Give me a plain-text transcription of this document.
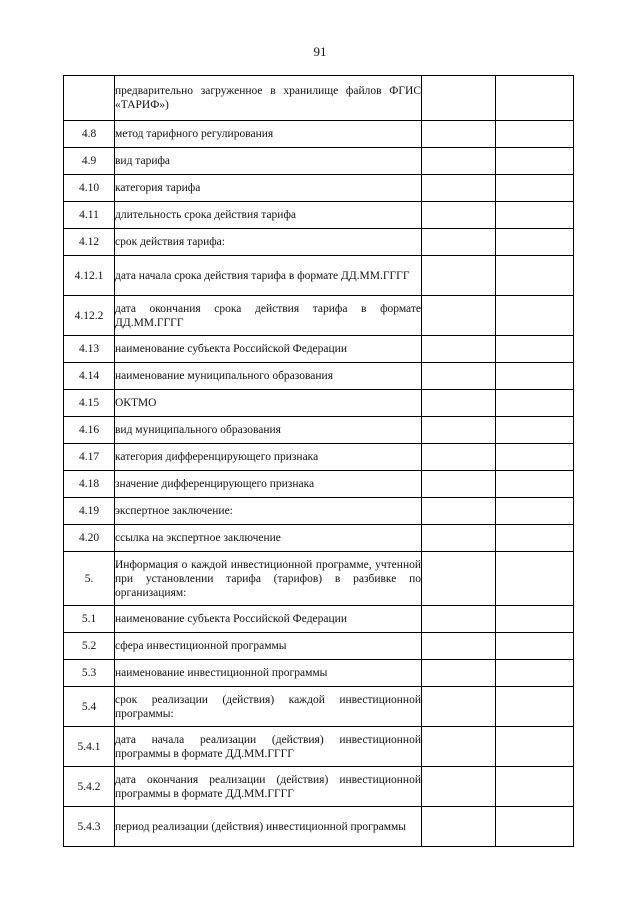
91
	предварительно загруженное в хранилище файлов ФГИС «ТАРИФ»)		
4.8	метод тарифного регулирования		
4.9	вид тарифа		
4.10	категория тарифа		
4.11	длительность срока действия тарифа		
4.12	срок действия тарифа:		
4.12.1	дата начала срока действия тарифа в формате ДД.ММ.ГГГГ		
4.12.2	дата окончания срока действия тарифа в формате ДД.ММ.ГГГГ		
4.13	наименование субъекта Российской Федерации		
4.14	наименование муниципального образования		
4.15	ОКТМО		
4.16	вид муниципального образования		
4.17	категория дифференцирующего признака		
4.18	значение дифференцирующего признака		
4.19	экспертное заключение:		
4.20	ссылка на экспертное заключение		
5.	Информация о каждой инвестиционной программе, учтенной при установлении тарифа (тарифов) в разбивке по организациям:		
5.1	наименование субъекта Российской Федерации		
5.2	сфера инвестиционной программы		
5.3	наименование инвестиционной программы		
5.4	срок реализации (действия) каждой инвестиционной программы:		
5.4.1	дата начала реализации (действия) инвестиционной программы в формате ДД.ММ.ГГГГ		
5.4.2	дата окончания реализации (действия) инвестиционной программы в формате ДД.ММ.ГГГГ		
5.4.3	период реализации (действия) инвестиционной программы		
